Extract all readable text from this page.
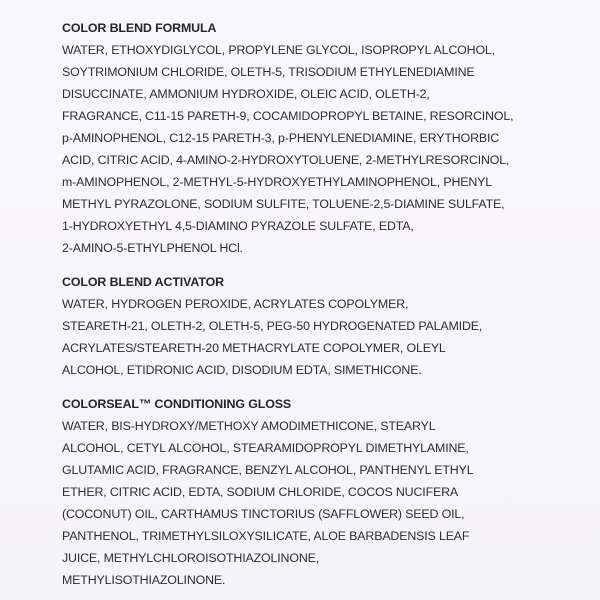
COLOR BLEND FORMULA

WATER, ETHOXYDIGLYCOL, PROPYLENE GLYCOL, ISOPROPYL ALCOHOL,
SOYTRIMONIUM CHLORIDE, OLETH-5, TRISODIUM ETHYLENEDIAMINE
DISUCCINATE, AMMONIUM HYDROXIDE, OLEIC ACID, OLETH-2,
FRAGRANCE, C11-15 PARETH-9, COCAMIDOPROPYL BETAINE, RESORCINOL,
p-AMINOPHENOL, C12-15 PARETH-3, p-PHENYLENEDIAMINE, ERYTHORBIC
ACID, CITRIC ACID, 4-AMINO-2-HYDROXYTOLUENE, 2-METHYLRESORCINOL,
m-AMINOPHENOL, 2-METHYL-5-HYDROXYETHYLAMINOPHENOL, PHENYL
METHYL PYRAZOLONE, SODIUM SULFITE, TOLUENE-2,5-DIAMINE SULFATE,
1-HYDROXYETHYL 4,5-DIAMINO PYRAZOLE SULFATE, EDTA,
2-AMINO-5-ETHYLPHENOL HCl.

COLOR BLEND ACTIVATOR

WATER, HYDROGEN PEROXIDE, ACRYLATES COPOLYMER,
STEARETH-21, OLETH-2, OLETH-5, PEG-50 HYDROGENATED PALAMIDE,
ACRYLATES/STEARETH-20 METHACRYLATE COPOLYMER, OLEYL
ALCOHOL, ETIDRONIC ACID, DISODIUM EDTA, SIMETHICONE.

COLORSEAL™ CONDITIONING GLOSS

WATER, BIS-HYDROXY/METHOXY AMODIMETHICONE, STEARYL
ALCOHOL, CETYL ALCOHOL, STEARAMIDOPROPYL DIMETHYLAMINE,
GLUTAMIC ACID, FRAGRANCE, BENZYL ALCOHOL, PANTHENYL ETHYL
ETHER, CITRIC ACID, EDTA, SODIUM CHLORIDE, COCOS NUCIFERA
(COCONUT) OIL, CARTHAMUS TINCTORIUS (SAFFLOWER) SEED OIL,
PANTHENOL, TRIMETHYLSILOXYSILICATE, ALOE BARBADENSIS LEAF
JUICE, METHYLCHLOROISOTHIAZOLINONE,
METHYLISOTHIAZOLINONE.
